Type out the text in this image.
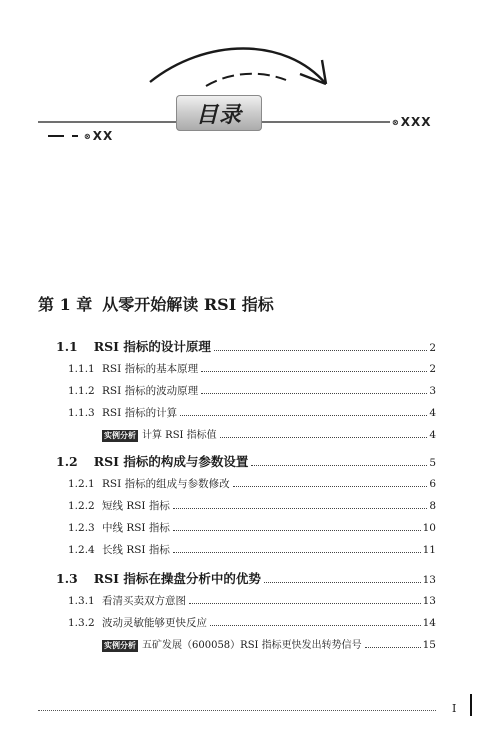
目录	⊗XXX
⊗XX
第 1 章 从零开始解读 RSI 指标
1.1 RSI 指标的设计原理	2
1.1.1 RSI 指标的基本原理	2
1.1.2 RSI 指标的波动原理	3
1.1.3 RSI 指标的计算	4
实例分析 计算 RSI 指标值	4
1.2 RSI 指标的构成与参数设置	5
1.2.1 RSI 指标的组成与参数修改	6
1.2.2 短线 RSI 指标	8
1.2.3 中线 RSI 指标	10
1.2.4 长线 RSI 指标	11
1.3 RSI 指标在操盘分析中的优势	13
1.3.1 看清买卖双方意图	13
1.3.2 波动灵敏能够更快反应	14
实例分析 五矿发展（600058）RSI 指标更快发出转势信号	15
I
